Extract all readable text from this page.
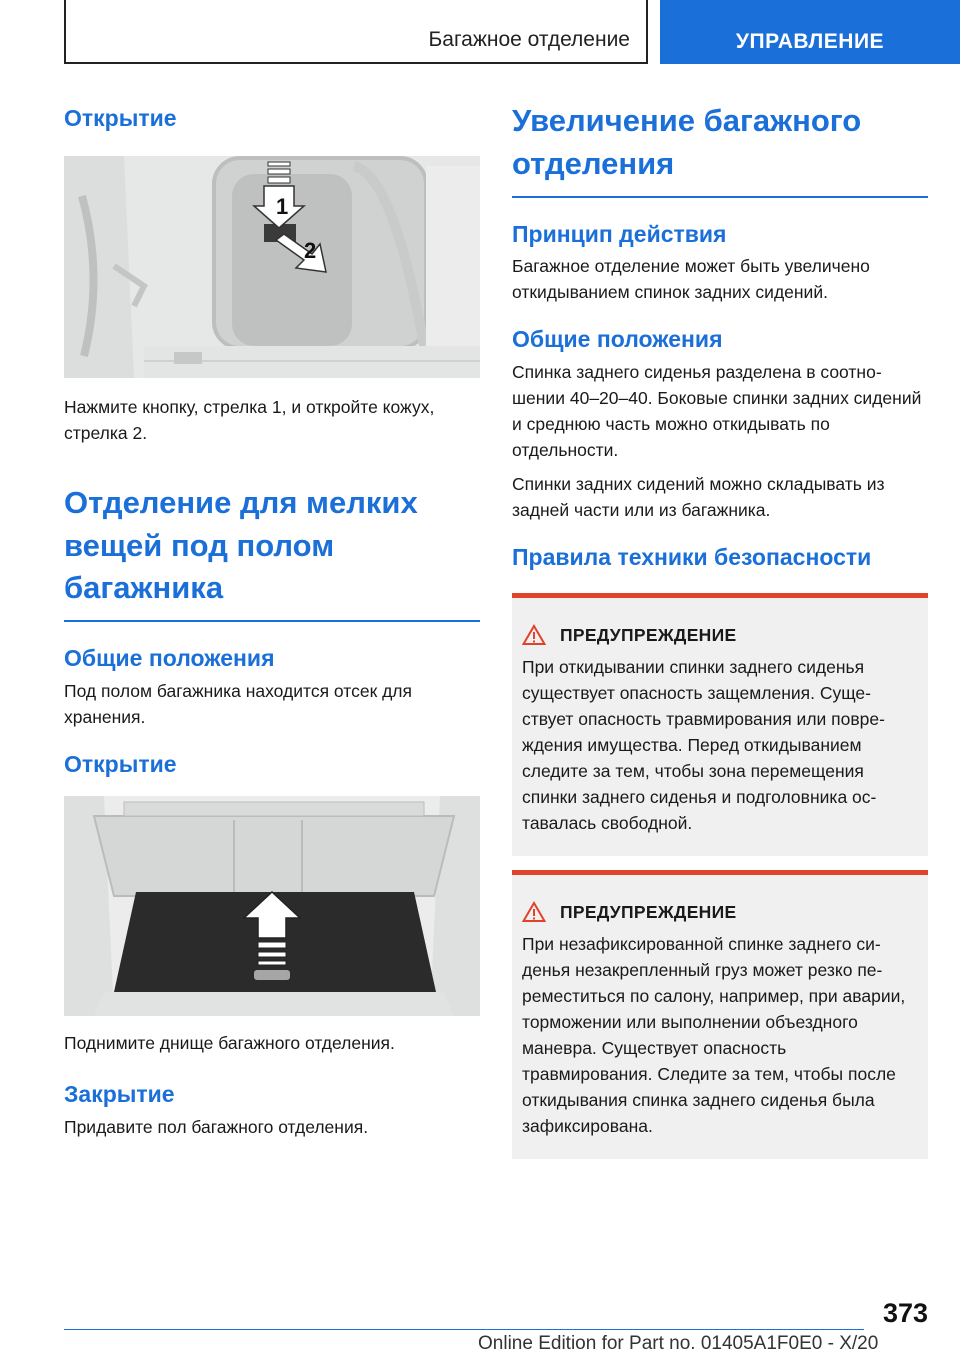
Багажное отделение	УПРАВЛЕНИЕ
Открытие
1
2

Нажмите кнопку, стрелка 1, и откройте кожух, стрелка 2.

Отделение для мелких вещей под полом багажника
Общие положения

Под полом багажника находится отсек для хранения.

Открытие

Поднимите днище багажного отделения.

Закрытие

Придавите пол багажного отделения.

Увеличение багажного отделения
Принцип действия

Багажное отделение может быть увеличено откидыванием спинок задних сидений.

Общие положения

Спинка заднего сиденья разделена в соотношении 40–20–40. Боковые спинки задних сидений и среднюю часть можно откидывать по отдельности.

Спинки задних сидений можно складывать из задней части или из багажника.

Правила техники безопасности
ПРЕДУПРЕЖДЕНИЕ

При откидывании спинки заднего сиденья существует опасность защемления. Существует опасность травмирования или повреждения имущества. Перед откидыванием следите за тем, чтобы зона перемещения спинки заднего сиденья и подголовника оставалась свободной.

ПРЕДУПРЕЖДЕНИЕ

При незафиксированной спинке заднего сиденья незакрепленный груз может резко переместиться по салону, например, при аварии, торможении или выполнении объездного маневра. Существует опасность травмирования. Следите за тем, чтобы после откидывания спинка заднего сиденья была зафиксирована.

373
Online Edition for Part no. 01405A1F0E0 - X/20
